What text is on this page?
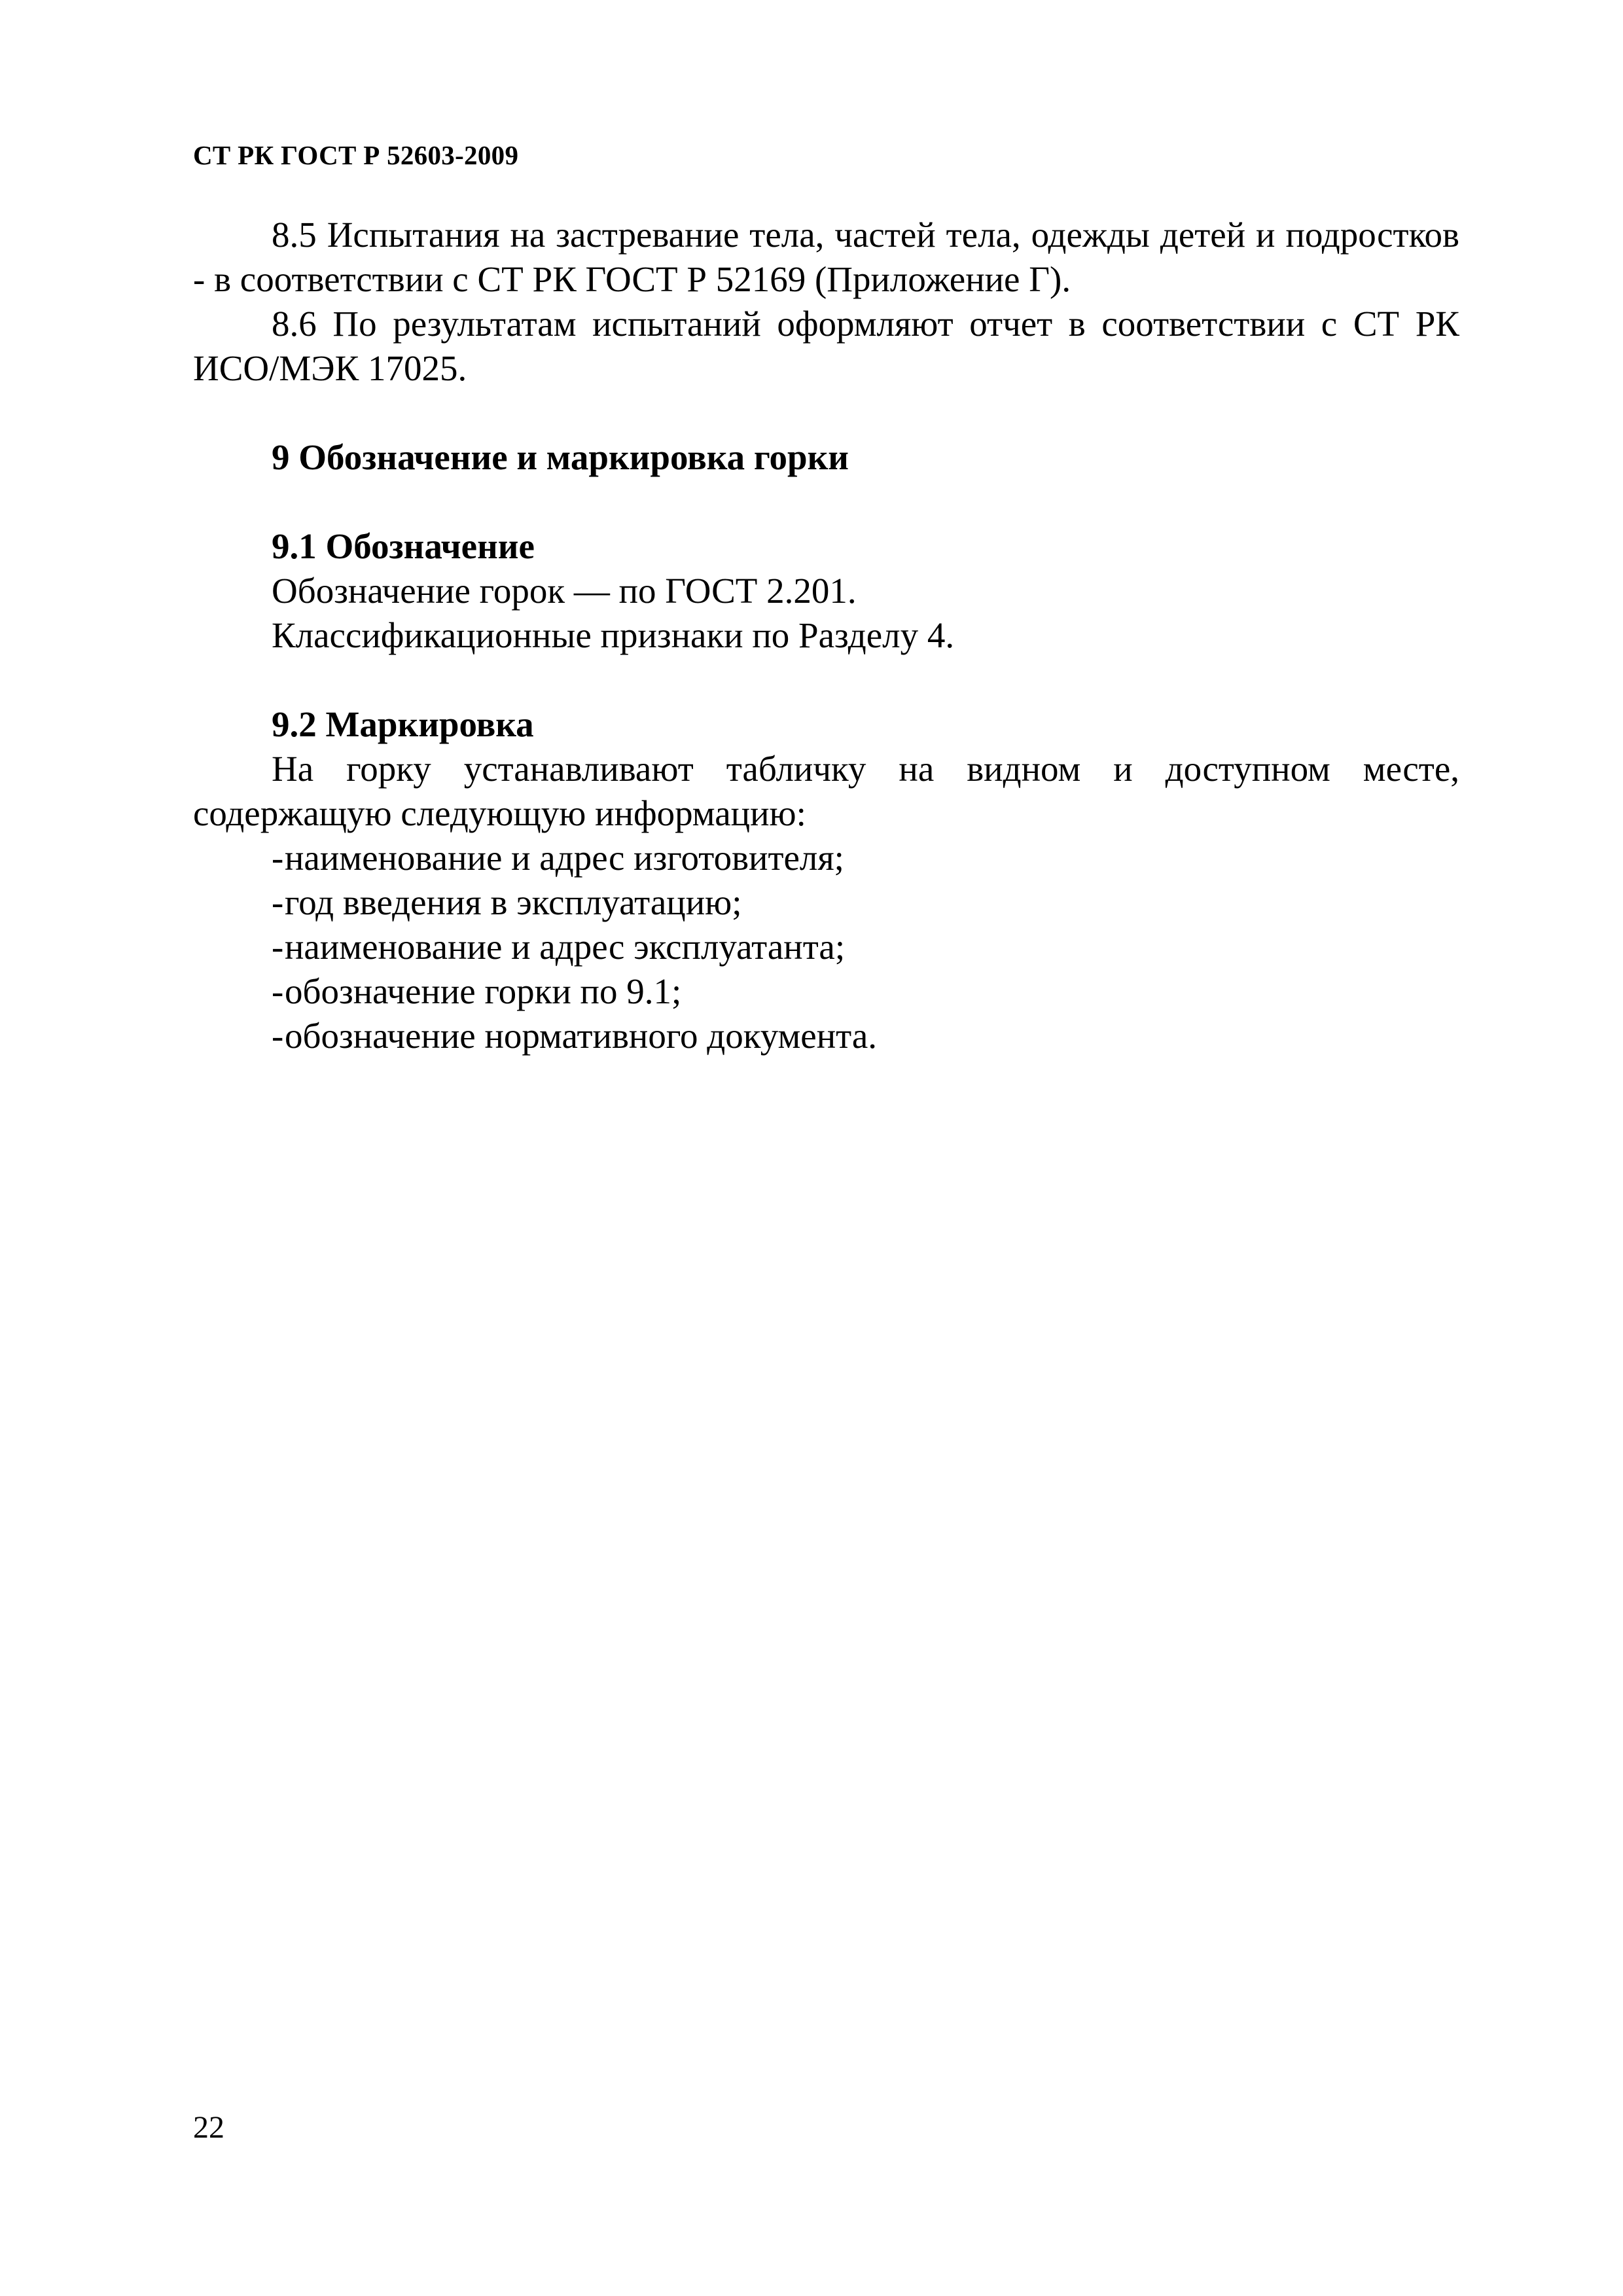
СТ РК ГОСТ Р 52603-2009

8.5 Испытания на застревание тела, частей тела, одежды детей и подростков - в соответствии с СТ РК ГОСТ Р 52169 (Приложение Г).

8.6 По результатам испытаний оформляют отчет в соответствии с СТ РК ИСО/МЭК 17025.

9 Обозначение и маркировка горки

9.1 Обозначение

Обозначение горок — по ГОСТ 2.201.

Классификационные признаки по Разделу 4.

9.2 Маркировка

На горку устанавливают табличку на видном и доступном месте, содержащую следующую информацию:

-наименование и адрес изготовителя;
-год введения в эксплуатацию;
-наименование и адрес эксплуатанта;
-обозначение горки по 9.1;
-обозначение нормативного документа.
22
